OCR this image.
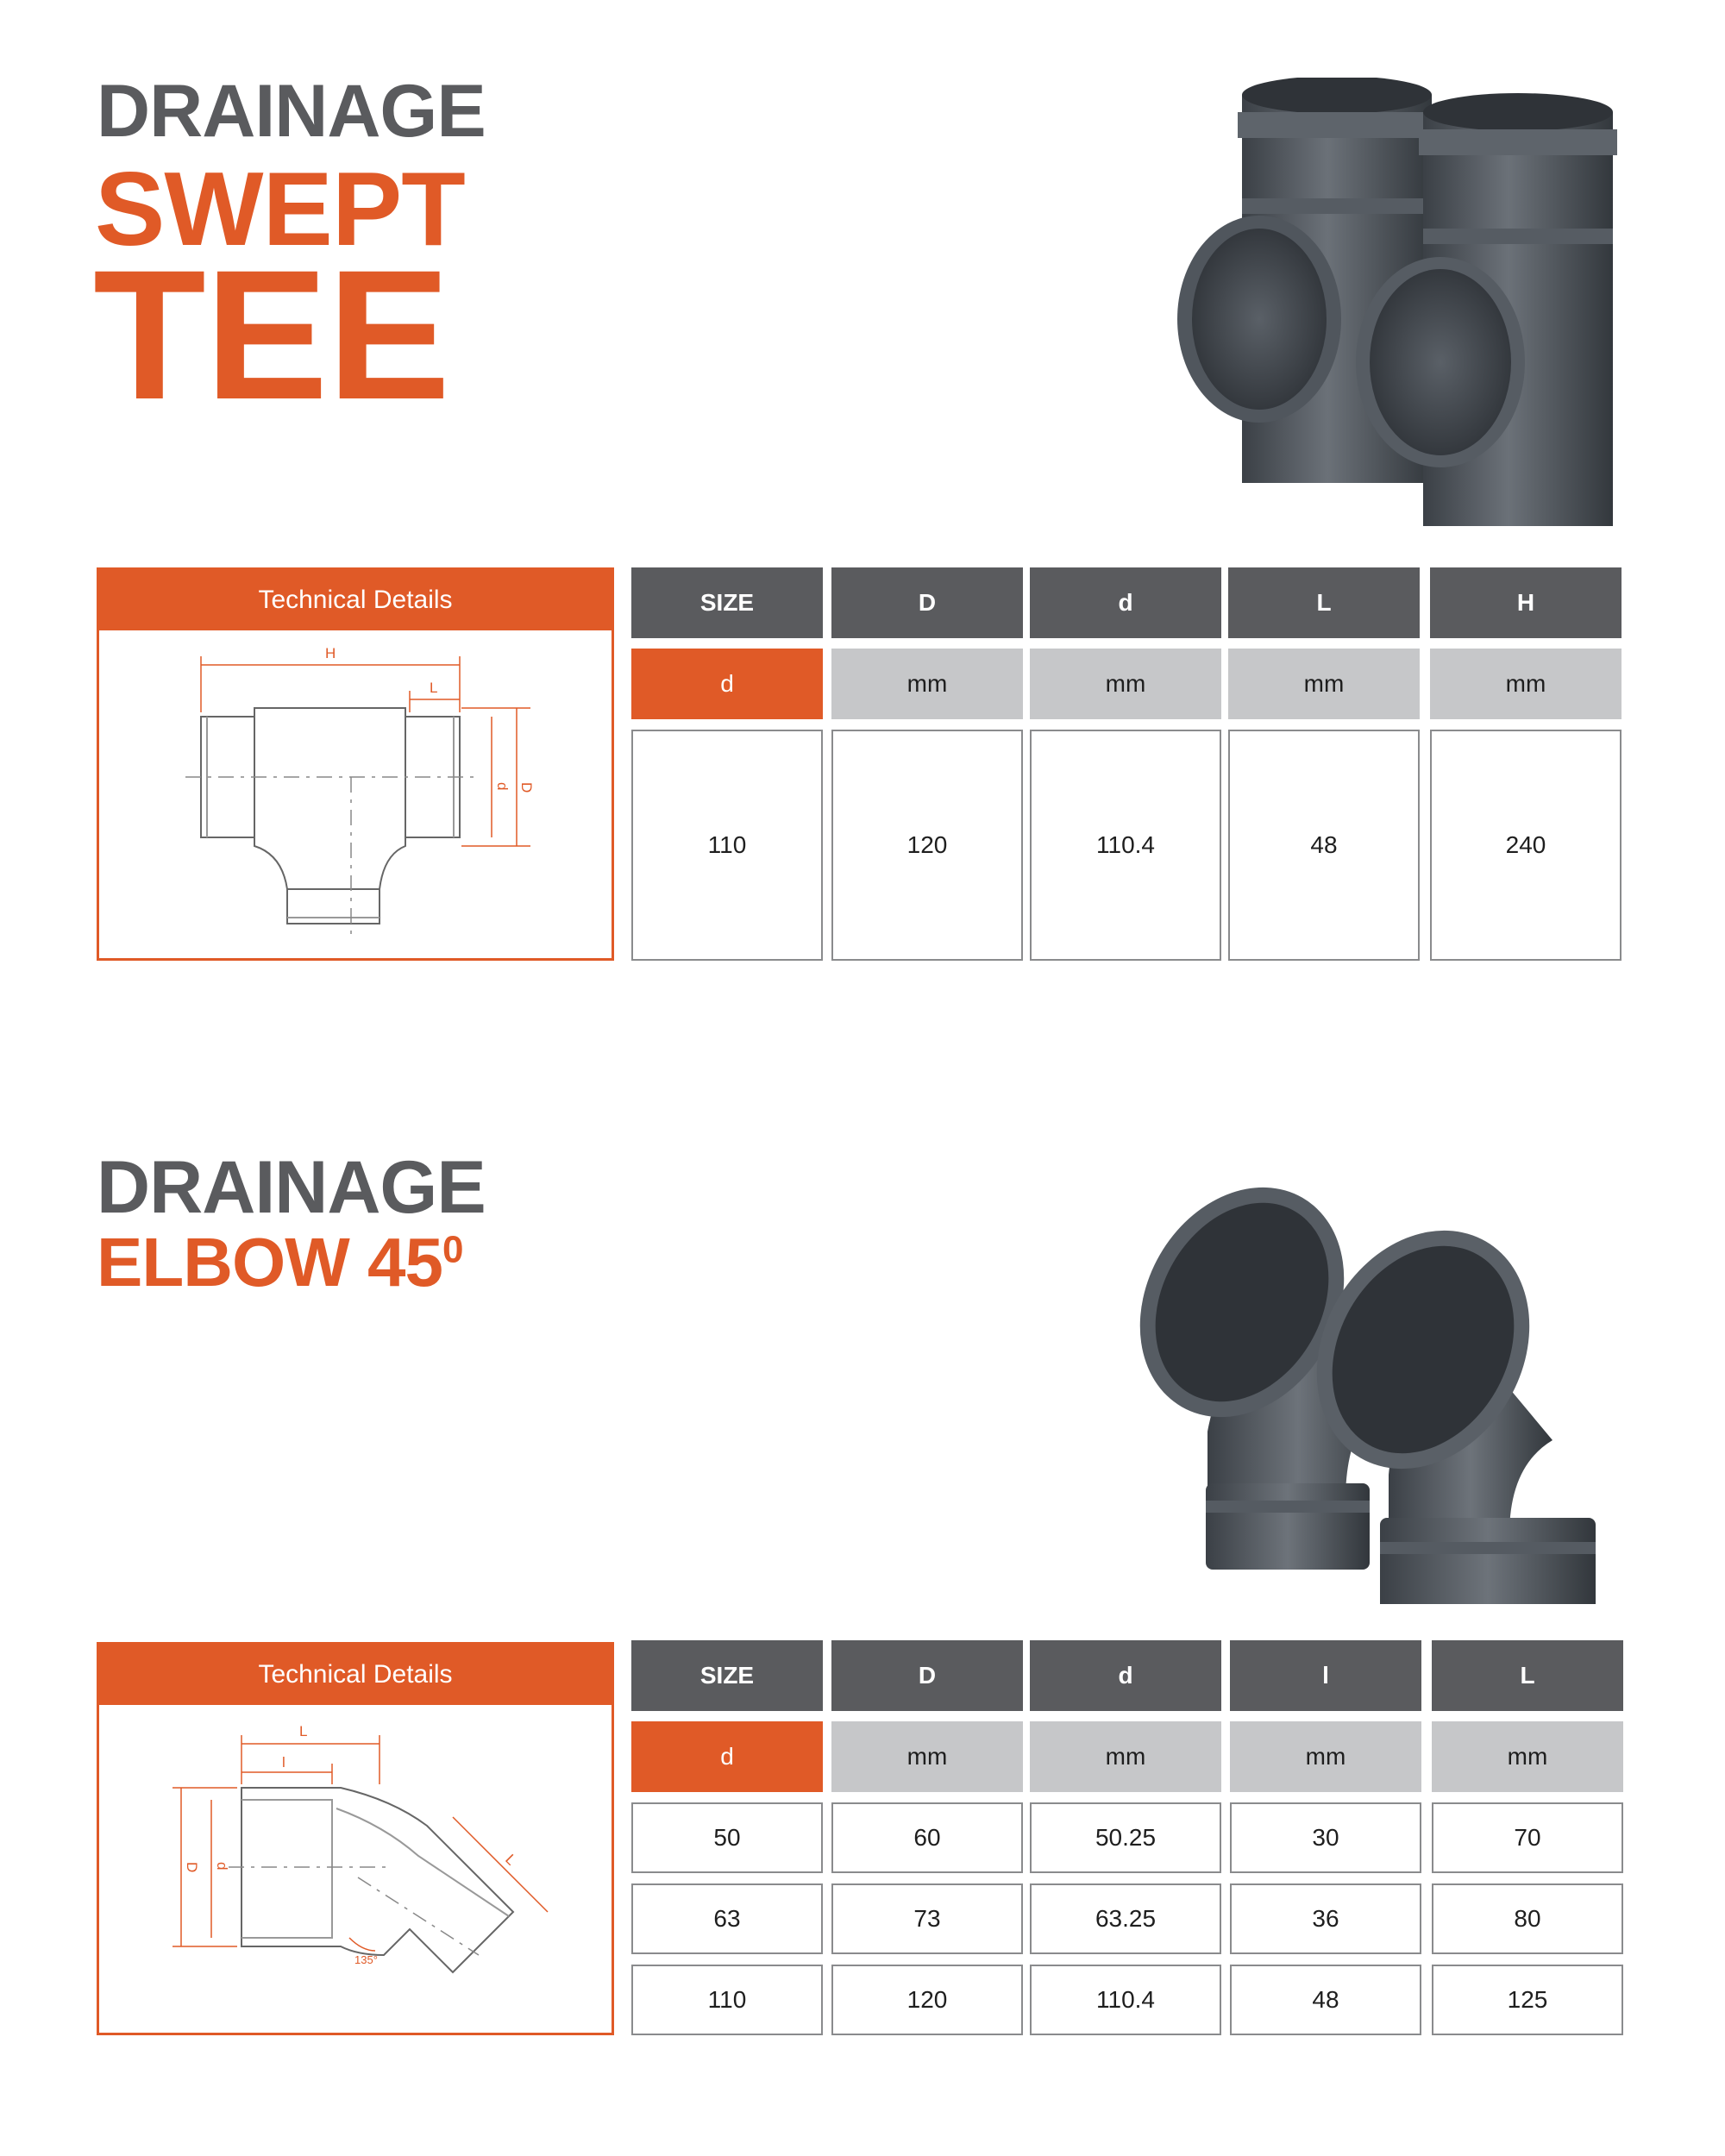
DRAINAGE
SWEPT
TEE
Technical Details
H
L
d D
SIZE	D	d	L	H
d	mm	mm	mm	mm
110	120	110.4	48	240
DRAINAGE
ELBOW $45^0$
Technical Details
L
l
D d
135°
L
SIZE	D	d	l	L
d	mm	mm	mm	mm
50	60	50.25	30	70
63	73	63.25	36	80
110	120	110.4	48	125
